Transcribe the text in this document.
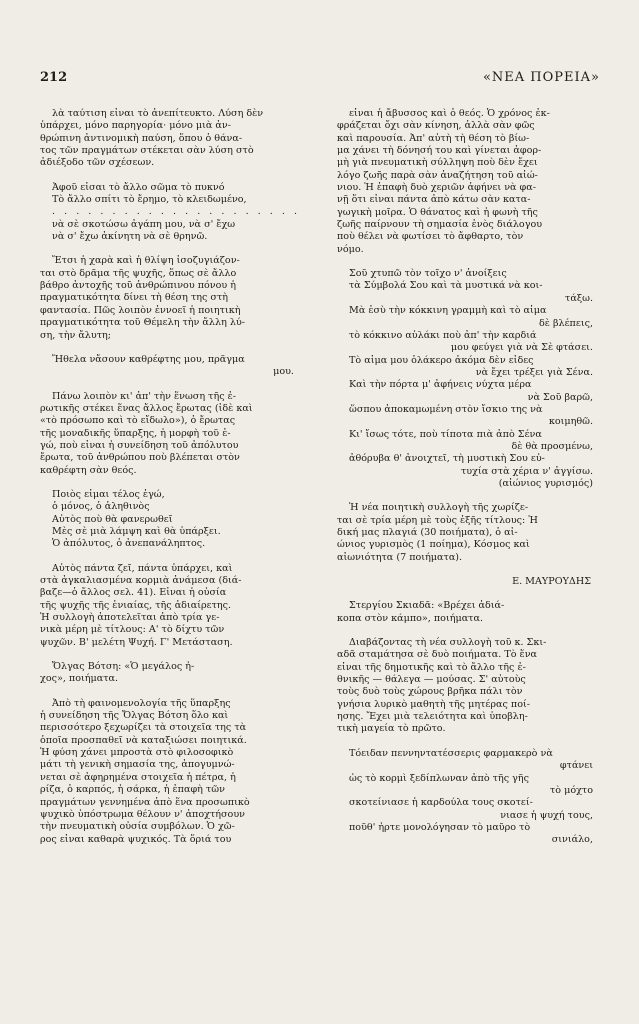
212	«ΝΕΑ ΠΟΡΕΙΑ»
λὰ ταύτιση εἶναι τὸ ἀνεπίτευκτο. Λύση δὲν
ὑπάρχει, μόνο παρηγορία· μόνο μιὰ ἀν-
θρώπινη ἀντινομικὴ παύση, ὅπου ὁ θάνα-
τος τῶν πραγμάτων στέκεται σὰν λύση στὸ
ἀδιέξοδο τῶν σχέσεων.
Ἀφοῦ εἶσαι τὸ ἄλλο σῶμα τὸ πυκνό
Τὸ ἄλλο σπίτι τὸ ἔρημο, τὸ κλειδωμένο,
. . . . . . . . . . . . . . . . . . . . .
νὰ σὲ σκοτώσω ἀγάπη μου, νὰ σ' ἔχω
νὰ σ' ἔχω ἀκίνητη νὰ σὲ θρηνῶ.
Ἔτσι ἡ χαρὰ καὶ ἡ θλίψη ἰσοζυγιάζον-
ται στὸ δρᾶμα τῆς ψυχῆς, ὅπως σὲ ἄλλο
βάθρο ἀντοχῆς τοῦ ἀνθρώπινου πόνου ἡ
πραγματικότητα δίνει τὴ θέση της στὴ
φαντασία. Πῶς λοιπὸν ἐννοεῖ ἡ ποιητικὴ
πραγματικότητα τοῦ Θέμελη τὴν ἄλλη λύ-
ση, τὴν ἄλυτη;
Ἤθελα νἄσουν καθρέφτης μου, πρᾶγμα
μου.
Πάνω λοιπὸν κι' ἀπ' τὴν ἕνωση τῆς ἐ-
ρωτικῆς στέκει ἕνας ἄλλος ἔρωτας (ἰδὲ καὶ
«τὸ πρόσωπο καὶ τὸ εἴδωλο»), ὁ ἔρωτας
τῆς μοναδικῆς ὕπαρξης, ἡ μορφὴ τοῦ ἐ-
γώ, ποὺ εἶναι ἡ συνείδηση τοῦ ἀπόλυτου
ἔρωτα, τοῦ ἀνθρώπου ποὺ βλέπεται στὸν
καθρέφτη σὰν θεός.
Ποιὸς εἶμαι τέλος ἐγώ,
ὁ μόνος, ὁ ἀληθινὸς
Αὐτὸς ποὺ θὰ φανερωθεῖ
Μὲς σὲ μιὰ λάμψη καὶ θὰ ὑπάρξει.
Ὁ ἀπόλυτος, ὁ ἀνεπανάληπτος.
Αὐτὸς πάντα ζεῖ, πάντα ὑπάρχει, καὶ
στὰ ἀγκαλιασμένα κορμιὰ ἀνάμεσα (διά-
βαζε—ὁ ἄλλος σελ. 41). Εἶναι ἡ οὐσία
τῆς ψυχῆς τῆς ἑνιαίας, τῆς ἀδιαίρετης.
Ἡ συλλογὴ ἀποτελεῖται ἀπὸ τρία γε-
νικὰ μέρη μὲ τίτλους: Α' τὸ δίχτυ τῶν
ψυχῶν. Β' μελέτη Ψυχή. Γ' Μετάσταση.
Ὄλγας Βότση: «Ὁ μεγάλος ἦ-
χος», ποιήματα.
Ἀπὸ τὴ φαινομενολογία τῆς ὕπαρξης
ἡ συνείδηση τῆς Ὄλγας Βότση ὅλο καὶ
περισσότερο ξεχωρίζει τὰ στοιχεῖα της τὰ
ὁποῖα προσπαθεῖ νὰ καταξιώσει ποιητικά.
Ἡ φύση χάνει μπροστὰ στὸ φιλοσοφικὸ
μάτι τὴ γενικὴ σημασία της, ἀπογυμνώ-
νεται σὲ ἀφηρημένα στοιχεῖα ἡ πέτρα, ἡ
ρίζα, ὁ καρπός, ἡ σάρκα, ἡ ἐπαφὴ τῶν
πραγμάτων γεννημένα ἀπὸ ἕνα προσωπικὸ
ψυχικὸ ὑπόστρωμα θέλουν ν' ἀποχτήσουν
τὴν πνευματικὴ οὐσία συμβόλων. Ὁ χῶ-
ρος εἶναι καθαρὰ ψυχικός. Τὰ ὅριά του
εἶναι ἡ ἄβυσσος καὶ ὁ θεός. Ὁ χρόνος ἐκ-
φράζεται ὄχι σὰν κίνηση, ἀλλὰ σὰν φῶς
καὶ παρουσία. Ἀπ' αὐτὴ τὴ θέση τὸ βίω-
μα χάνει τὴ δόνησή του καὶ γίνεται ἀφορ-
μὴ γιὰ πνευματικὴ σύλληψη ποὺ δὲν ἔχει
λόγο ζωῆς παρὰ σὰν ἀναζήτηση τοῦ αἰώ-
νιου. Ἡ ἐπαφὴ δυὸ χεριῶν ἀφήνει νὰ φα-
νῇ ὅτι εἶναι πάντα ἀπὸ κάτω σὰν κατα-
γωγικὴ μοῖρα. Ὁ θάνατος καὶ ἡ φωνὴ τῆς
ζωῆς παίρνουν τὴ σημασία ἑνὸς διάλογου
ποὺ θέλει νὰ φωτίσει τὸ ἄφθαρτο, τὸν
νόμο.
Σοῦ χτυπῶ τὸν τοῖχο ν' ἀνοίξεις
τὰ Σύμβολά Σου καὶ τὰ μυστικά νὰ κοι-
τάξω.
Μὰ ἐσὺ τὴν κόκκινη γραμμὴ καὶ τὸ αἷμα
δὲ βλέπεις,
τὸ κόκκινο αὐλάκι ποὺ ἀπ' τὴν καρδιά
μου φεύγει γιὰ νὰ Σὲ φτάσει.
Τὸ αἷμα μου ὁλάκερο ἀκόμα δὲν εἶδες
νὰ ἔχει τρέξει γιὰ Σένα.
Καὶ τὴν πόρτα μ' ἀφήνεις νύχτα μέρα
νὰ Σοῦ βαρῶ,
ὥσπου ἀποκαμωμένη στὸν ἴσκιο της νὰ
κοιμηθῶ.
Κι' ἴσως τότε, ποὺ τίποτα πιὰ ἀπὸ Σένα
δὲ θὰ προσμένω,
ἀθόρυβα θ' ἀνοιχτεῖ, τὴ μυστικὴ Σου εὐ-
τυχία στὰ χέρια ν' ἀγγίσω.
(αἰώνιος γυρισμός)
Ἡ νέα ποιητικὴ συλλογὴ τῆς χωρίζε-
ται σὲ τρία μέρη μὲ τοὺς ἑξῆς τίτλους: Ἡ
δική μας πλαγιά (30 ποιήματα), ὁ αἰ-
ώνιος γυρισμὸς (1 ποίημα), Κόσμος καὶ
αἰωνιότητα (7 ποιήματα).
Ε. ΜΑΥΡΟΥΔΗΣ
Στεργίου Σκιαδᾶ: «Βρέχει ἀδιά-
κοπα στὸν κάμπο», ποιήματα.
Διαβάζοντας τὴ νέα συλλογὴ τοῦ κ. Σκι-
αδᾶ σταμάτησα σὲ δυὸ ποιήματα. Τὸ ἕνα
εἶναι τῆς δημοτικῆς καὶ τὸ ἄλλο τῆς ἐ-
θνικῆς — θάλεγα — μούσας. Σ' αὐτοὺς
τοὺς δυὸ τοὺς χώρους βρῆκα πάλι τὸν
γνήσια λυρικὸ μαθητὴ τῆς μητέρας ποί-
ησης. Ἔχει μιὰ τελειότητα καὶ ὑποβλη-
τικὴ μαγεία τὸ πρῶτο.
Τόειδαν πεννηντατέσσερις φαρμακερὸ νὰ
φτάνει
ὡς τὸ κορμὶ ξεδίπλωναν ἀπὸ τῆς γῆς
τὸ μόχτο
σκοτείνιασε ἡ καρδούλα τους σκοτεί-
νιασε ἡ ψυχή τους,
ποῦθ' ἦρτε μονολόγησαν τὸ μαῦρο τὸ
σινιάλο,
